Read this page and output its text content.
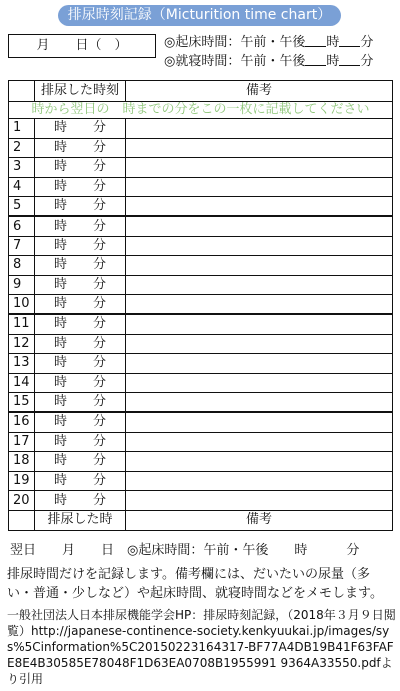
排尿時刻記録（Micturition time chart）
月　　日（　）	◎起床時間：午前・午後 時 分
◎就寝時間：午前・午後 時 分
	排尿した時刻	備考
時から翌日の　時までの分をこの一枚に記載してください		
1	時　　分	
2	時　　分	
3	時　　分	
4	時　　分	
5	時　　分	
6	時　　分	
7	時　　分	
8	時　　分	
9	時　　分	
10	時　　分	
11	時　　分	
12	時　　分	
13	時　　分	
14	時　　分	
15	時　　分	
16	時　　分	
17	時　　分	
18	時　　分	
19	時　　分	
20	時　　分	
	排尿した時	備考
翌日　　月　　日　◎起床時間：午前・午後　　時　　　分
排尿時間だけを記録します。備考欄には、だいたいの尿量（多い・普通・少しなど）や起床時間、就寝時間などをメモします。
一般社団法人日本排尿機能学会HP：排尿時刻記録，（2018年３月９日閲覧）http://japanese-continence-society.kenkyuukai.jp/images/sys%5Cinformation%5C20150223164317-BF77A4DB19B41F63FAFE8E4B30585E78048F1D63EA0708B1955991 9364A33550.pdfより引用
